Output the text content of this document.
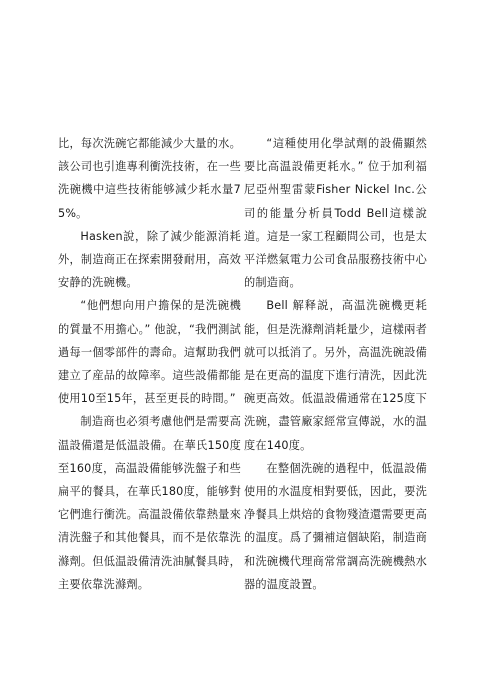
比，每次洗碗它都能減少大量的水。該公司也引進專利衝洗技術，在一些洗碗機中這些技術能够減少耗水量75%。

Hasken說，除了減少能源消耗外，制造商正在探索開發耐用，高效安静的洗碗機。

“他們想向用户擔保的是洗碗機的質量不用擔心。” 他說，“我們測試過每一個零部件的壽命。這幫助我們建立了産品的故障率。這些設備都能使用10至15年，甚至更長的時間。”

制造商也必須考慮他們是需要高温設備還是低温設備。在華氏150度至160度，高温設備能够洗盤子和些扁平的餐具，在華氏180度，能够對它們進行衝洗。高温設備依靠熱量來清洗盤子和其他餐具，而不是依靠洗滌劑。但低温設備清洗油膩餐具時，主要依靠洗滌劑。

“這種使用化學試劑的設備顯然要比高温設備更耗水。” 位于加利福尼亞州聖雷蒙Fisher Nickel Inc.公司的能量分析員Todd Bell這樣說道。這是一家工程顧問公司，也是太平洋燃氣電力公司食品服務技術中心的制造商。

Bell 解释説，高温洗碗機更耗能，但是洗滌劑消耗量少，這樣兩者就可以抵消了。另外，高温洗碗設備是在更高的温度下進行清洗，因此洗碗更高效。低温設備通常在125度下洗碗，盡管廠家經常宣傳説，水的温度在140度。

在整個洗碗的過程中，低温設備使用的水温度相對要低，因此，要洗净餐具上烘焙的食物殘渣還需要更高的温度。爲了彌補這個缺陷，制造商和洗碗機代理商常常調高洗碗機熱水器的温度設置。
